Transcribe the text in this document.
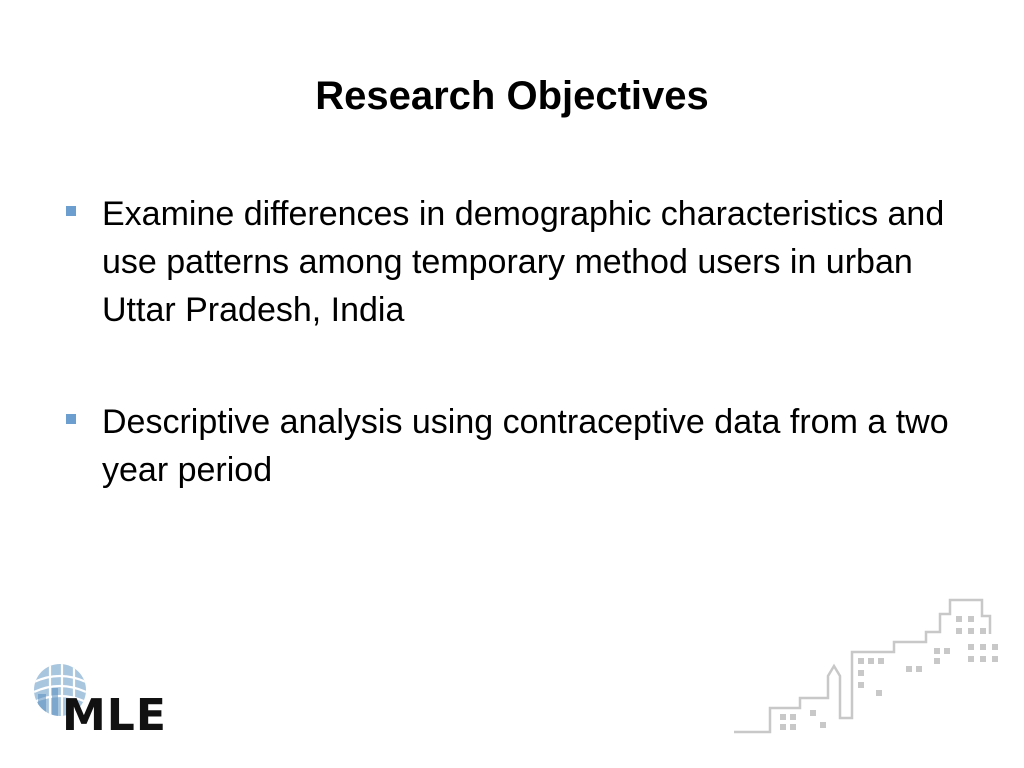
Research Objectives
Examine differences in demographic characteristics and use patterns among temporary method users in urban Uttar Pradesh, India
Descriptive analysis using contraceptive data from a two year period
MLE
